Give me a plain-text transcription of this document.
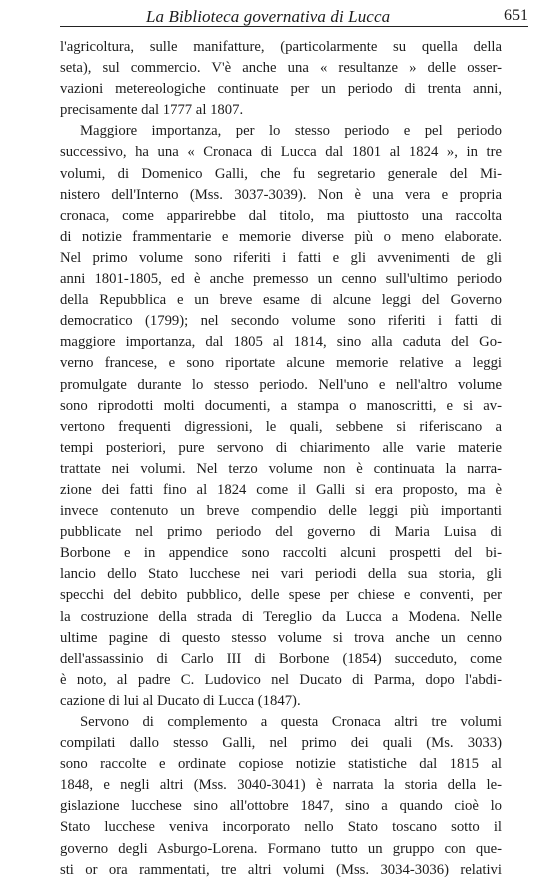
La Biblioteca governativa di Lucca	651
l'agricoltura, sulle manifatture, (particolarmente su quella della
seta), sul commercio. V'è anche una « resultanze » delle osser-
vazioni metereologiche continuate per un periodo di trenta anni,
precisamente dal 1777 al 1807.
Maggiore importanza, per lo stesso periodo e pel periodo
successivo, ha una « Cronaca di Lucca dal 1801 al 1824 », in tre
volumi, di Domenico Galli, che fu segretario generale del Mi-
nistero dell'Interno (Mss. 3037-3039). Non è una vera e propria
cronaca, come apparirebbe dal titolo, ma piuttosto una raccolta
di notizie frammentarie e memorie diverse più o meno elaborate.
Nel primo volume sono riferiti i fatti e gli avvenimenti de gli
anni 1801-1805, ed è anche premesso un cenno sull'ultimo periodo
della Repubblica e un breve esame di alcune leggi del Governo
democratico (1799); nel secondo volume sono riferiti i fatti di
maggiore importanza, dal 1805 al 1814, sino alla caduta del Go-
verno francese, e sono riportate alcune memorie relative a leggi
promulgate durante lo stesso periodo. Nell'uno e nell'altro volume
sono riprodotti molti documenti, a stampa o manoscritti, e si av-
vertono frequenti digressioni, le quali, sebbene si riferiscano a
tempi posteriori, pure servono di chiarimento alle varie materie
trattate nei volumi. Nel terzo volume non è continuata la narra-
zione dei fatti fino al 1824 come il Galli si era proposto, ma è
invece contenuto un breve compendio delle leggi più importanti
pubblicate nel primo periodo del governo di Maria Luisa di
Borbone e in appendice sono raccolti alcuni prospetti del bi-
lancio dello Stato lucchese nei vari periodi della sua storia, gli
specchi del debito pubblico, delle spese per chiese e conventi, per
la costruzione della strada di Tereglio da Lucca a Modena. Nelle
ultime pagine di questo stesso volume si trova anche un cenno
dell'assassinio di Carlo III di Borbone (1854) succeduto, come
è noto, al padre C. Ludovico nel Ducato di Parma, dopo l'abdi-
cazione di lui al Ducato di Lucca (1847).
Servono di complemento a questa Cronaca altri tre volumi
compilati dallo stesso Galli, nel primo dei quali (Ms. 3033)
sono raccolte e ordinate copiose notizie statistiche dal 1815 al
1848, e negli altri (Mss. 3040-3041) è narrata la storia della le-
gislazione lucchese sino all'ottobre 1847, sino a quando cioè lo
Stato lucchese veniva incorporato nello Stato toscano sotto il
governo degli Asburgo-Lorena. Formano tutto un gruppo con que-
sti or ora rammentati, tre altri volumi (Mss. 3034-3036) relativi
